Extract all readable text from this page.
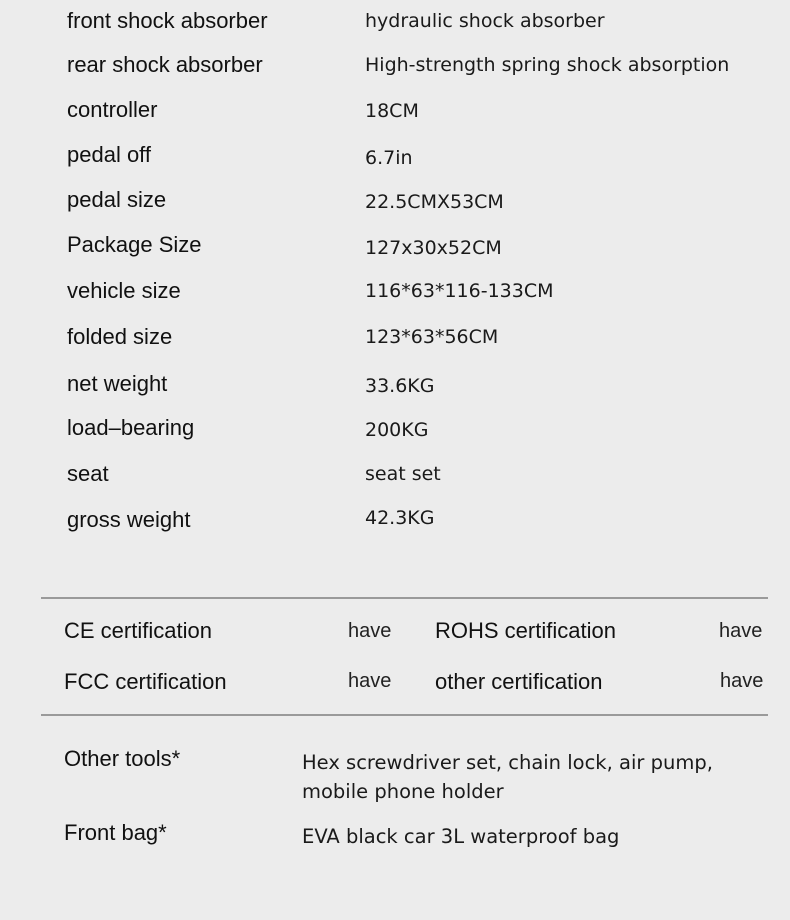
front shock absorber	hydraulic shock absorber
rear shock absorber	High-strength spring shock absorption
controller	18CM
pedal off	6.7in
pedal size	22.5CMX53CM
Package Size	127x30x52CM
vehicle size	116*63*116-133CM
folded size	123*63*56CM
net weight	33.6KG
load–bearing	200KG
seat	seat set
gross weight	42.3KG
CE certification	have ROHS certification	have
FCC certification	have other certification	have
Other tools*	Hex screwdriver set, chain lock, air pump, mobile phone holder
Front bag*	EVA black car 3L waterproof bag
